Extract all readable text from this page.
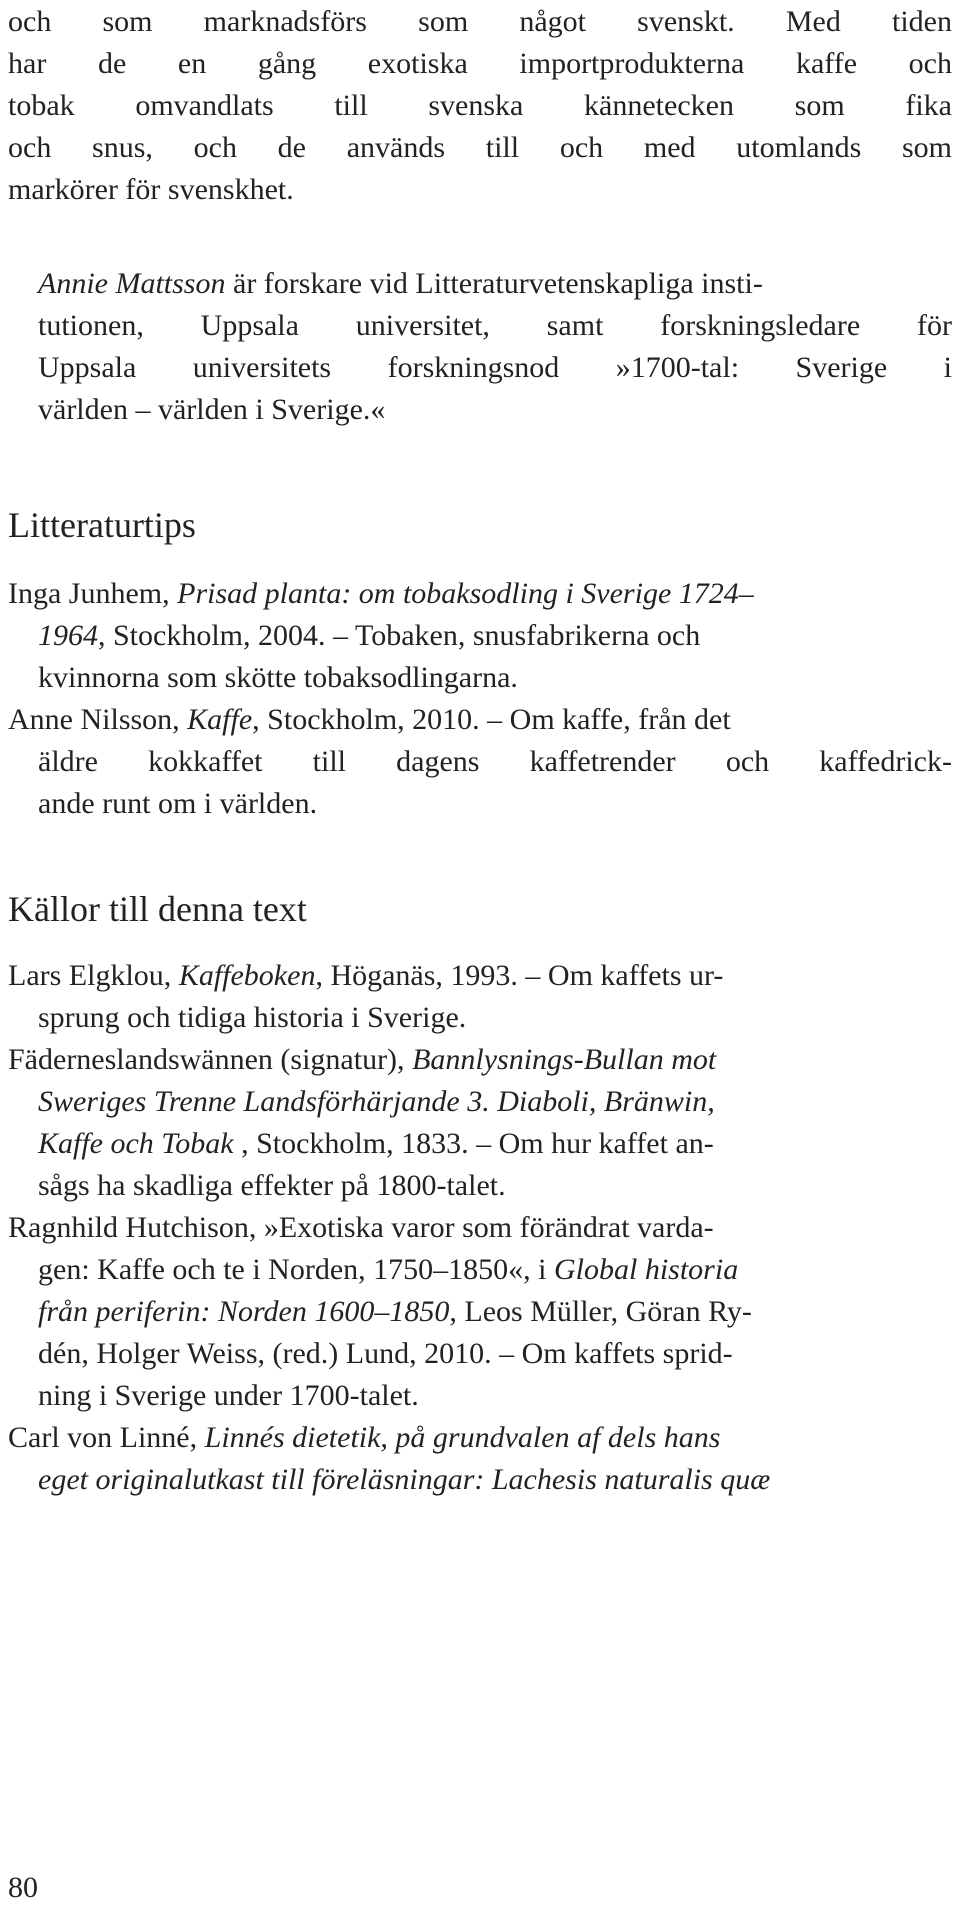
och som marknadsförs som något svenskt. Med tiden
har de en gång exotiska importprodukterna kaffe och
tobak omvandlats till svenska kännetecken som fika
och snus, och de används till och med utomlands som
markörer för svenskhet.
Annie Mattsson är forskare vid Litteraturvetenskapliga insti-
tutionen, Uppsala universitet, samt forskningsledare för
Uppsala universitets forskningsnod »1700-tal: Sverige i
världen – världen i Sverige.«
Litteraturtips
Inga Junhem, Prisad planta: om tobaksodling i Sverige 1724–
1964, Stockholm, 2004. – Tobaken, snusfabrikerna och
kvinnorna som skötte tobaksodlingarna.
Anne Nilsson, Kaffe, Stockholm, 2010. – Om kaffe, från det
äldre kokkaffet till dagens kaffetrender och kaffedrick-
ande runt om i världen.
Källor till denna text
Lars Elgklou, Kaffeboken, Höganäs, 1993. – Om kaffets ur-
sprung och tidiga historia i Sverige.
Fäderneslandswännen (signatur), Bannlysnings-Bullan mot
Sweriges Trenne Landsförhärjande 3. Diaboli, Bränwin,
Kaffe och Tobak , Stockholm, 1833. – Om hur kaffet an-
sågs ha skadliga effekter på 1800-talet.
Ragnhild Hutchison, »Exotiska varor som förändrat varda-
gen: Kaffe och te i Norden, 1750–1850«, i Global historia
från periferin: Norden 1600–1850, Leos Müller, Göran Ry-
dén, Holger Weiss, (red.) Lund, 2010. – Om kaffets sprid-
ning i Sverige under 1700-talet.
Carl von Linné, Linnés dietetik, på grundvalen af dels hans
eget originalutkast till föreläsningar: Lachesis naturalis quæ
80
